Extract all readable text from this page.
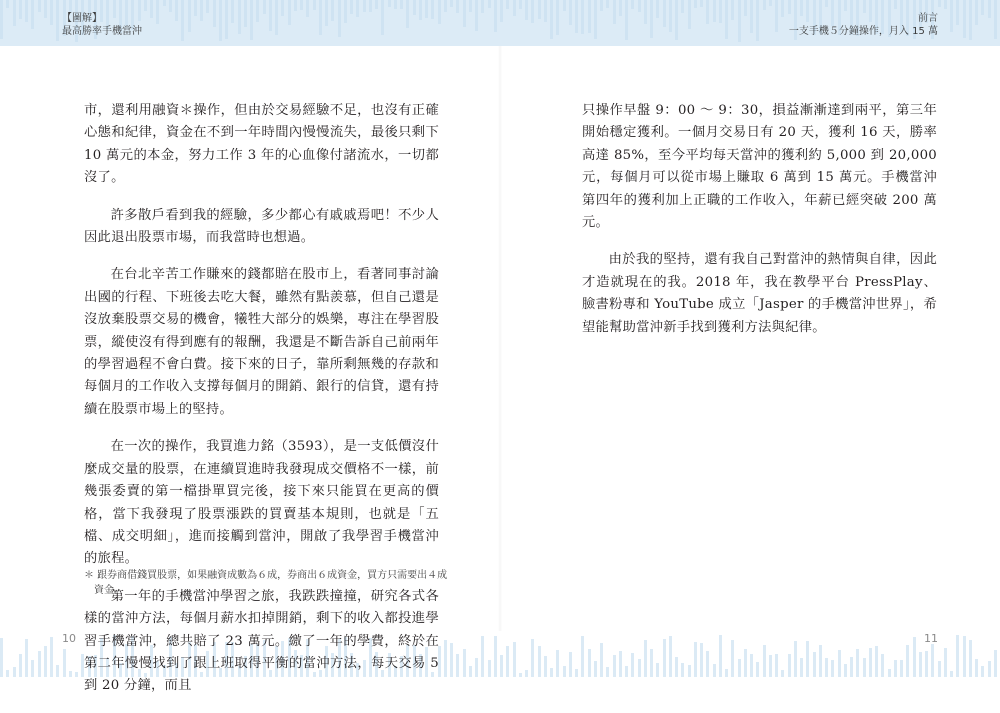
【圖解】
最高勝率手機當沖
前言
一支手機５分鐘操作，月入 15 萬

市，還利用融資＊操作，但由於交易經驗不足，也沒有正確心態和紀律，資金在不到一年時間內慢慢流失，最後只剩下 10 萬元的本金，努力工作 3 年的心血像付諸流水，一切都沒了。

許多散戶看到我的經驗，多少都心有戚戚焉吧！不少人因此退出股票市場，而我當時也想過。

在台北辛苦工作賺來的錢都賠在股市上，看著同事討論出國的行程、下班後去吃大餐，雖然有點羨慕，但自己還是沒放棄股票交易的機會，犧牲大部分的娛樂，專注在學習股票，縱使沒有得到應有的報酬，我還是不斷告訴自己前兩年的學習過程不會白費。接下來的日子，靠所剩無幾的存款和每個月的工作收入支撐每個月的開銷、銀行的信貸，還有持續在股票市場上的堅持。

在一次的操作，我買進力銘（3593），是一支低價沒什麼成交量的股票，在連續買進時我發現成交價格不一樣，前幾張委賣的第一檔掛單買完後，接下來只能買在更高的價格，當下我發現了股票漲跌的買賣基本規則，也就是「五檔、成交明細」，進而接觸到當沖，開啟了我學習手機當沖的旅程。

第一年的手機當沖學習之旅，我跌跌撞撞，研究各式各樣的當沖方法，每個月薪水扣掉開銷，剩下的收入都投進學習手機當沖，總共賠了 23 萬元。繳了一年的學費，終於在第二年慢慢找到了跟上班取得平衡的當沖方法，每天交易 5 到 20 分鐘，而且

＊ 跟券商借錢買股票，如果融資成數為６成，券商出６成資金，買方只需要出４成資金。

只操作早盤 9：00 ～ 9：30，損益漸漸達到兩平，第三年開始穩定獲利。一個月交易日有 20 天，獲利 16 天，勝率高達 85%，至今平均每天當沖的獲利約 5,000 到 20,000 元，每個月可以從市場上賺取 6 萬到 15 萬元。手機當沖第四年的獲利加上正職的工作收入，年薪已經突破 200 萬元。

由於我的堅持，還有我自己對當沖的熱情與自律，因此才造就現在的我。2018 年，我在教學平台 PressPlay、臉書粉專和 YouTube 成立「Jasper 的手機當沖世界」，希望能幫助當沖新手找到獲利方法與紀律。

10	11
